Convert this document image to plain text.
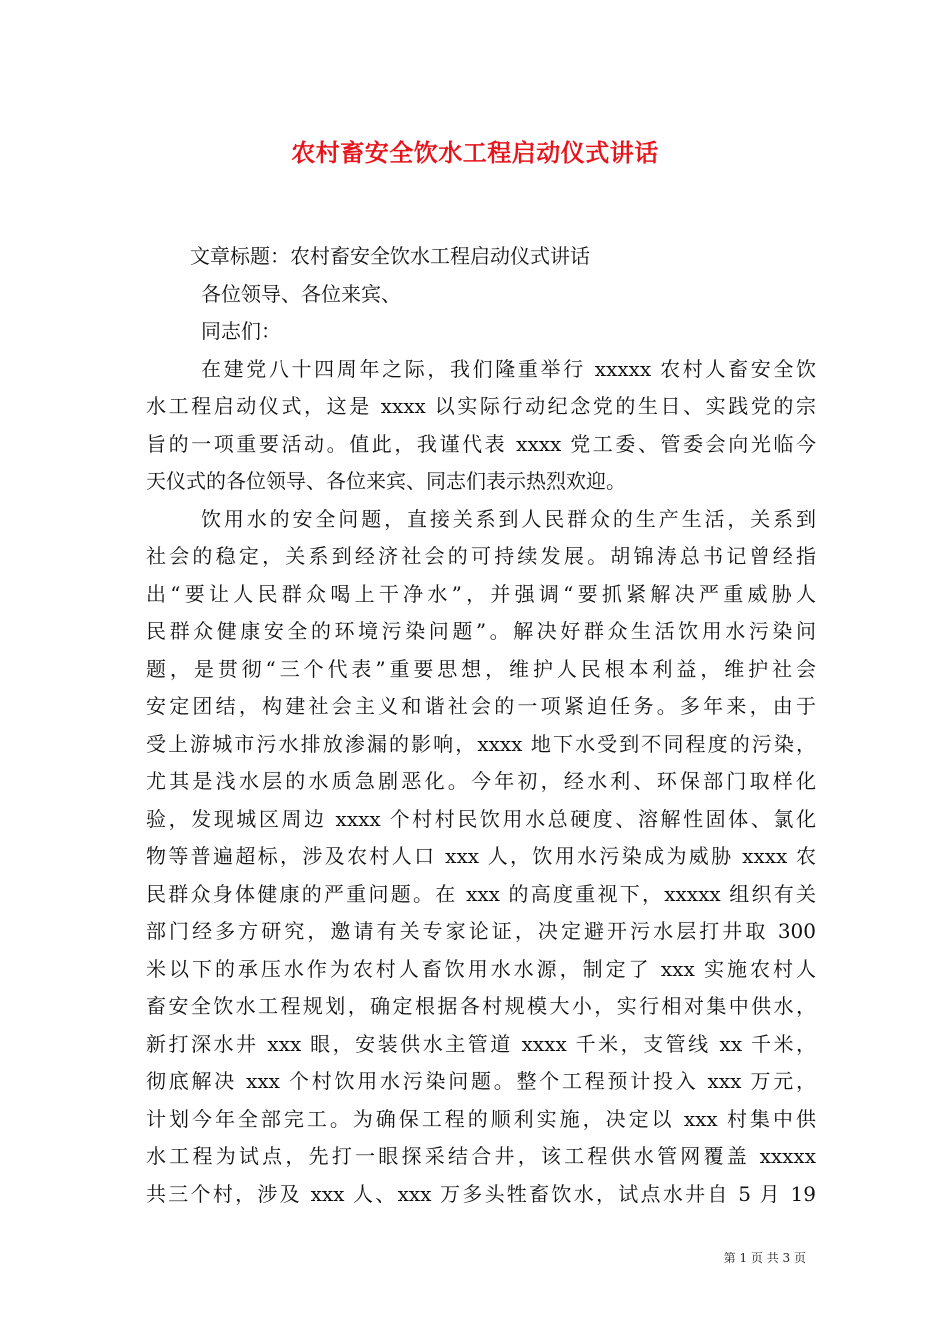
农村畜安全饮水工程启动仪式讲话
文章标题：农村畜安全饮水工程启动仪式讲话
各位领导、各位来宾、
同志们：
在建党八十四周年之际，我们隆重举行 xxxxx 农村人畜安全饮
水工程启动仪式，这是 xxxx 以实际行动纪念党的生日、实践党的宗
旨的一项重要活动。值此，我谨代表 xxxx 党工委、管委会向光临今
天仪式的各位领导、各位来宾、同志们表示热烈欢迎。
饮用水的安全问题，直接关系到人民群众的生产生活，关系到
社会的稳定，关系到经济社会的可持续发展。胡锦涛总书记曾经指
出“要让人民群众喝上干净水”，并强调“要抓紧解决严重威胁人
民群众健康安全的环境污染问题”。解决好群众生活饮用水污染问
题，是贯彻“三个代表”重要思想，维护人民根本利益，维护社会
安定团结，构建社会主义和谐社会的一项紧迫任务。多年来，由于
受上游城市污水排放渗漏的影响，xxxx 地下水受到不同程度的污染，
尤其是浅水层的水质急剧恶化。今年初，经水利、环保部门取样化
验，发现城区周边 xxxx 个村村民饮用水总硬度、溶解性固体、氯化
物等普遍超标，涉及农村人口 xxx 人，饮用水污染成为威胁 xxxx 农
民群众身体健康的严重问题。在 xxx 的高度重视下，xxxxx 组织有关
部门经多方研究，邀请有关专家论证，决定避开污水层打井取 300
米以下的承压水作为农村人畜饮用水水源，制定了 xxx 实施农村人
畜安全饮水工程规划，确定根据各村规模大小，实行相对集中供水，
新打深水井 xxx 眼，安装供水主管道 xxxx 千米，支管线 xx 千米，
彻底解决 xxx 个村饮用水污染问题。整个工程预计投入 xxx 万元，
计划今年全部完工。为确保工程的顺利实施，决定以 xxx 村集中供
水工程为试点，先打一眼探采结合井，该工程供水管网覆盖 xxxxx
共三个村，涉及 xxx 人、xxx 万多头牲畜饮水，试点水井自 5 月 19
第 1 页 共 3 页
